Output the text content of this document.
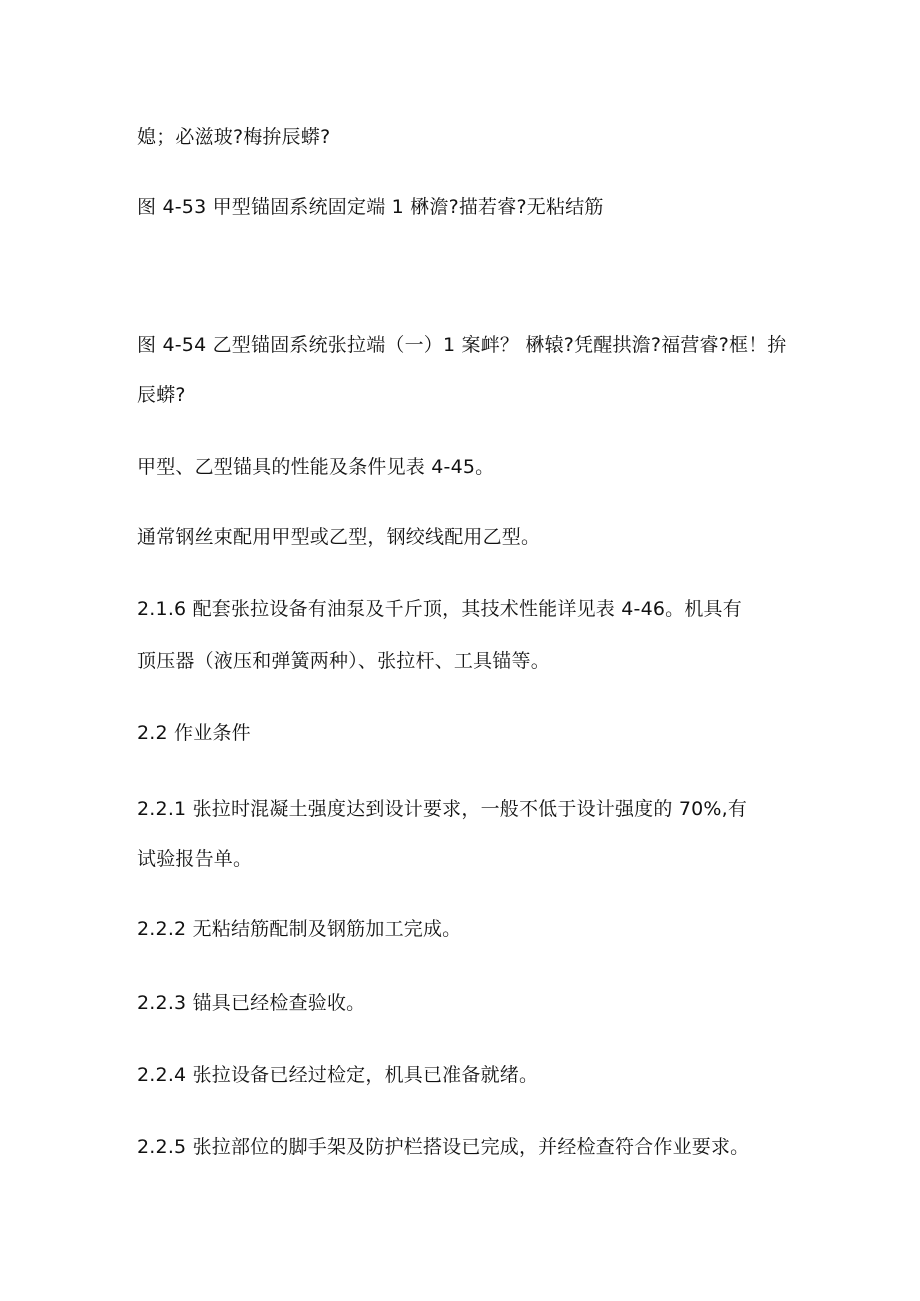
媳；必滋玻?梅拚辰蟒?
图 4-53 甲型锚固系统固定端 1 楙澹?描若睿?无粘结筋
图 4-54 乙型锚固系统张拉端（一）1 案衅？ 楙辕?凭醒拱澹?福营睿?框！拚
辰蟒?
甲型、乙型锚具的性能及条件见表 4-45。
通常钢丝束配用甲型或乙型，钢绞线配用乙型。
2.1.6 配套张拉设备有油泵及千斤顶，其技术性能详见表 4-46。机具有
顶压器（液压和弹簧两种）、张拉杆、工具锚等。
2.2 作业条件
2.2.1 张拉时混凝土强度达到设计要求，一般不低于设计强度的 70%,有
试验报告单。
2.2.2 无粘结筋配制及钢筋加工完成。
2.2.3 锚具已经检查验收。
2.2.4 张拉设备已经过检定，机具已准备就绪。
2.2.5 张拉部位的脚手架及防护栏搭设已完成，并经检查符合作业要求。
